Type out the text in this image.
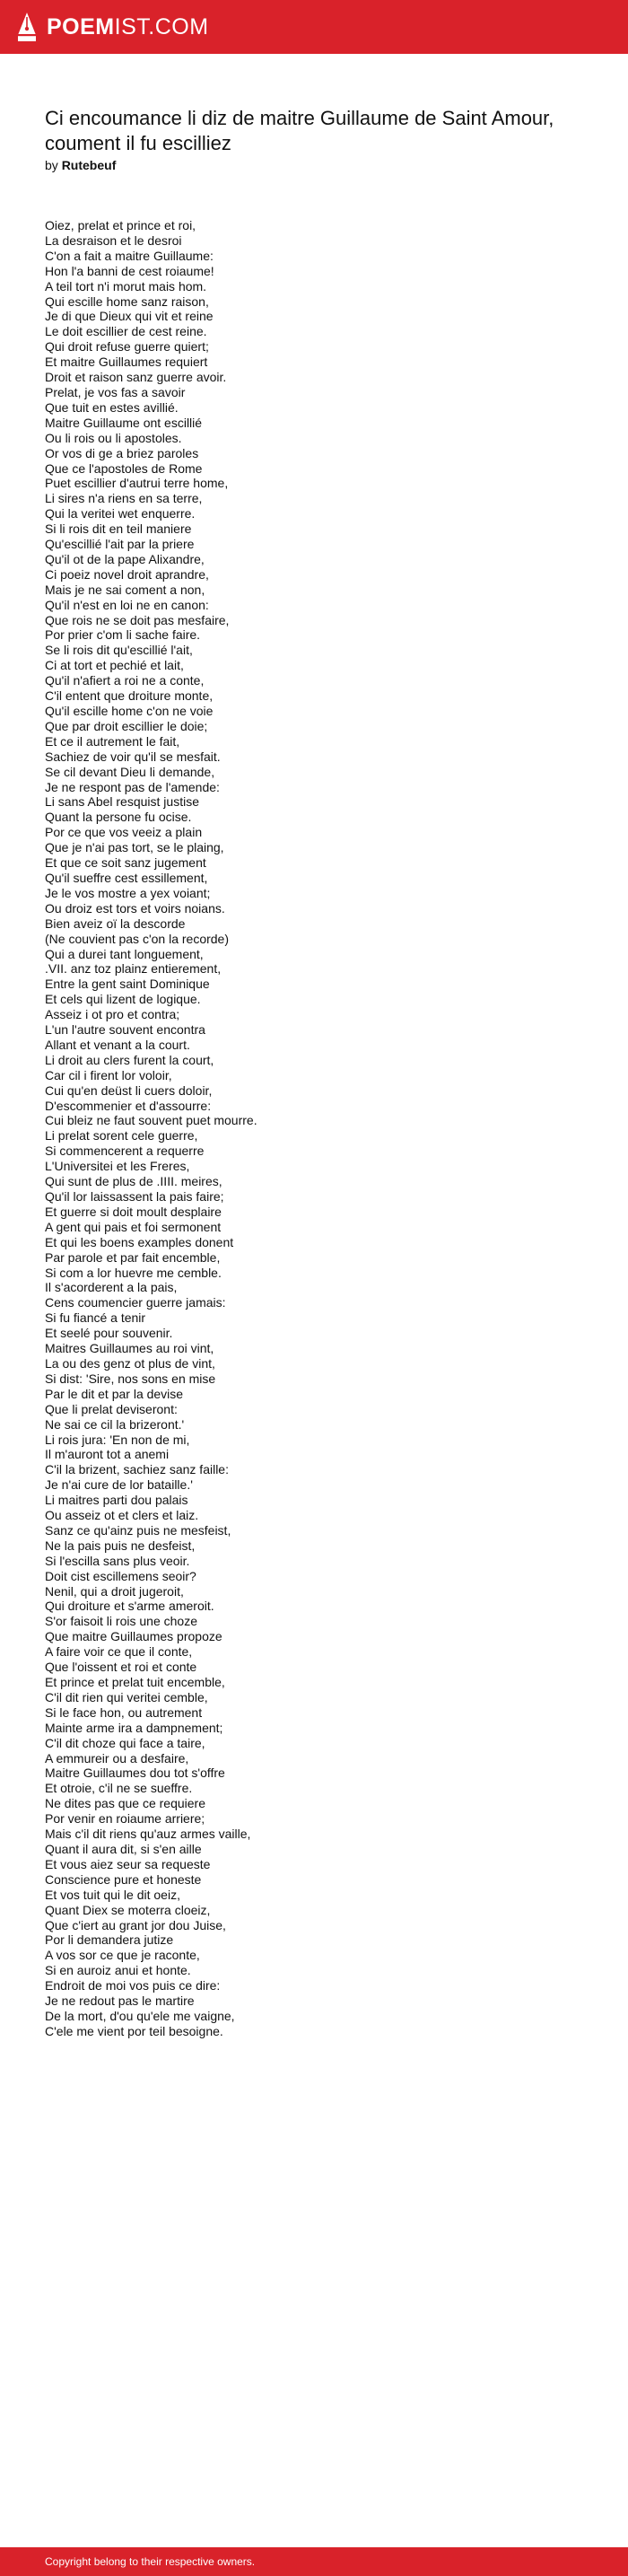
POEMIST.COM
Ci encoumance li diz de maitre Guillaume de Saint Amour, coument il fu escilliez
by Rutebeuf
Oiez, prelat et prince et roi,
La desraison et le desroi
C'on a fait a maitre Guillaume:
Hon l'a banni de cest roiaume!
A teil tort n'i morut mais hom.
Qui escille home sanz raison,
Je di que Dieux qui vit et reine
Le doit escillier de cest reine.
Qui droit refuse guerre quiert;
Et maitre Guillaumes requiert
Droit et raison sanz guerre avoir.
Prelat, je vos fas a savoir
Que tuit en estes avillié.
Maitre Guillaume ont escillié
Ou li rois ou li apostoles.
Or vos di ge a briez paroles
Que ce l'apostoles de Rome
Puet escillier d'autrui terre home,
Li sires n'a riens en sa terre,
Qui la veritei wet enquerre.
Si li rois dit en teil maniere
Qu'escillié l'ait par la priere
Qu'il ot de la pape Alixandre,
Ci poeiz novel droit aprandre,
Mais je ne sai coment a non,
Qu'il n'est en loi ne en canon:
Que rois ne se doit pas mesfaire,
Por prier c'om li sache faire.
Se li rois dit qu'escillié l'ait,
Ci at tort et pechié et lait,
Qu'il n'afiert a roi ne a conte,
C'il entent que droiture monte,
Qu'il escille home c'on ne voie
Que par droit escillier le doie;
Et ce il autrement le fait,
Sachiez de voir qu'il se mesfait.
Se cil devant Dieu li demande,
Je ne respont pas de l'amende:
Li sans Abel resquist justise
Quant la persone fu ocise.
Por ce que vos veeiz a plain
Que je n'ai pas tort, se le plaing,
Et que ce soit sanz jugement
Qu'il sueffre cest essillement,
Je le vos mostre a yex voiant;
Ou droiz est tors et voirs noians.
Bien aveiz oï la descorde
(Ne couvient pas c'on la recorde)
Qui a durei tant longuement,
.VII. anz toz plainz entierement,
Entre la gent saint Dominique
Et cels qui lizent de logique.
Asseiz i ot pro et contra;
L'un l'autre souvent encontra
Allant et venant a la court.
Li droit au clers furent la court,
Car cil i firent lor voloir,
Cui qu'en deüst li cuers doloir,
D'escommenier et d'assourre:
Cui bleiz ne faut souvent puet mourre.
Li prelat sorent cele guerre,
Si commencerent a requerre
L'Universitei et les Freres,
Qui sunt de plus de .IIII. meires,
Qu'il lor laissassent la pais faire;
Et guerre si doit moult desplaire
A gent qui pais et foi sermonent
Et qui les boens examples donent
Par parole et par fait encemble,
Si com a lor huevre me cemble.
Il s'acorderent a la pais,
Cens coumencier guerre jamais:
Si fu fiancé a tenir
Et seelé pour souvenir.
Maitres Guillaumes au roi vint,
La ou des genz ot plus de vint,
Si dist: 'Sire, nos sons en mise
Par le dit et par la devise
Que li prelat deviseront:
Ne sai ce cil la brizeront.'
Li rois jura: 'En non de mi,
Il m'auront tot a anemi
C'il la brizent, sachiez sanz faille:
Je n'ai cure de lor bataille.'
Li maitres parti dou palais
Ou asseiz ot et clers et laiz.
Sanz ce qu'ainz puis ne mesfeist,
Ne la pais puis ne desfeist,
Si l'escilla sans plus veoir.
Doit cist escillemens seoir?
Nenil, qui a droit jugeroit,
Qui droiture et s'arme ameroit.
S'or faisoit li rois une choze
Que maitre Guillaumes propoze
A faire voir ce que il conte,
Que l'oissent et roi et conte
Et prince et prelat tuit encemble,
C'il dit rien qui veritei cemble,
Si le face hon, ou autrement
Mainte arme ira a dampnement;
C'il dit choze qui face a taire,
A emmureir ou a desfaire,
Maitre Guillaumes dou tot s'offre
Et otroie, c'il ne se sueffre.
Ne dites pas que ce requiere
Por venir en roiaume arriere;
Mais c'il dit riens qu'auz armes vaille,
Quant il aura dit, si s'en aille
Et vous aiez seur sa requeste
Conscience pure et honeste
Et vos tuit qui le dit oeiz,
Quant Diex se moterra cloeiz,
Que c'iert au grant jor dou Juise,
Por li demandera jutize
A vos sor ce que je raconte,
Si en auroiz anui et honte.
Endroit de moi vos puis ce dire:
Je ne redout pas le martire
De la mort, d'ou qu'ele me vaigne,
C'ele me vient por teil besoigne.
Copyright belong to their respective owners.
